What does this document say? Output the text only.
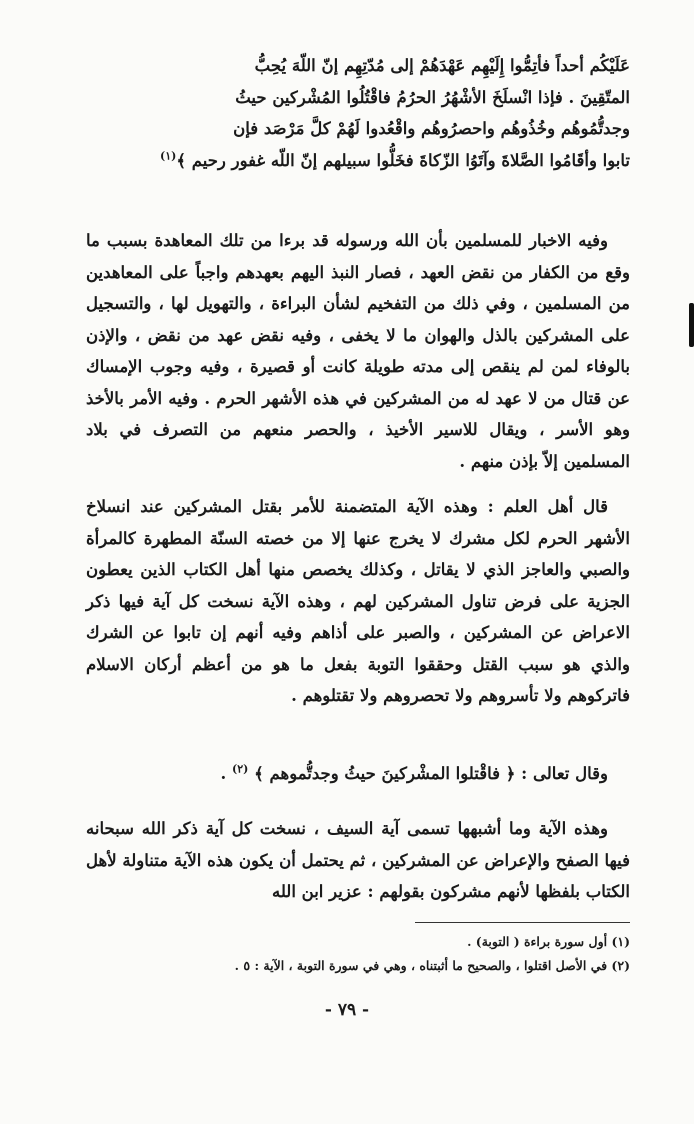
عَلَيْكُم أحداً فأتِمُّوا إِلَيْهِم عَهْدَهُمْ إلى مُدّتِهِم إنّ اللّهَ يُحِبُّ

المتّقِينَ . فإذا انْسلَخَ الأشْهُرُ الحرُمُ فاقْتُلُوا المُشْركين حيثُ

وجدتُّمُوهُم وخُذُوهُم واحصرُوهُم واقْعُدوا لَهُمْ كلَّ مَرْصَد فإن

تابوا وأقَامُوا الصَّلاةَ وآتَوُا الزّكاةَ فخَلُّوا سبيلهم إنّ اللّه غفور رحيم ﴾$^{(١)}$

وفيه الاخبار للمسلمين بأن الله ورسوله قد برءا من تلك المعاهدة بسبب ما وقع من الكفار من نقض العهد ، فصار النبذ اليهم بعهدهم واجباً على المعاهدين من المسلمين ، وفي ذلك من التفخيم لشأن البراءة ، والتهويل لها ، والتسجيل على المشركين بالذل والهوان ما لا يخفى ، وفيه نقض عهد من نقض ، والإذن بالوفاء لمن لم ينقص إلى مدته طويلة كانت أو قصيرة ، وفيه وجوب الإمساك عن قتال من لا عهد له من المشركين في هذه الأشهر الحرم . وفيه الأمر بالأخذ وهو الأسر ، ويقال للاسير الأخيذ ، والحصر منعهم من التصرف في بلاد المسلمين إلاّ بإذن منهم .

قال أهل العلم : وهذه الآية المتضمنة للأمر بقتل المشركين عند انسلاخ الأشهر الحرم لكل مشرك لا يخرج عنها إلا من خصته السنّة المطهرة كالمرأة والصبي والعاجز الذي لا يقاتل ، وكذلك يخصص منها أهل الكتاب الذين يعطون الجزية على فرض تناول المشركين لهم ، وهذه الآية نسخت كل آية فيها ذكر الاعراض عن المشركين ، والصبر على أذاهم وفيه أنهم إن تابوا عن الشرك والذي هو سبب القتل وحققوا التوبة بفعل ما هو من أعظم أركان الاسلام فاتركوهم ولا تأسروهم ولا تحصروهم ولا تقتلوهم .

وقال تعالى : ﴿ فاقْتلوا المشْركينَ حيثُ وجدتُّموهم ﴾ $^{(٢)}$ .

وهذه الآية وما أشبهها تسمى آية السيف ، نسخت كل آية ذكر الله سبحانه فيها الصفح والإعراض عن المشركين ، ثم يحتمل أن يكون هذه الآية متناولة لأهل الكتاب بلفظها لأنهم مشركون بقولهم : عزير ابن الله

(١) أول سورة براءة ( التوبة) .

(٢) في الأصل اقتلوا ، والصحيح ما أثبتناه ، وهي في سورة التوبة ، الآية : ٥ .

- ٧٩ -
